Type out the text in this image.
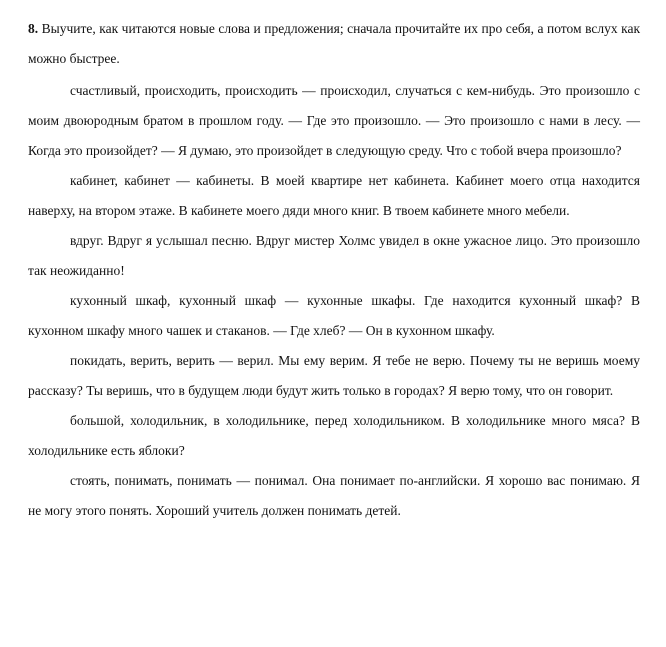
8. Выучите, как читаются новые слова и предложения; сначала прочитайте их про себя, а потом вслух как можно быстрее.

счастливый, происходить, происходить — происходил, случаться с кем-нибудь. Это произошло с моим двоюродным братом в прошлом году. — Где это произошло. — Это произошло с нами в лесу. — Когда это произойдет? — Я думаю, это произойдет в следующую среду. Что с тобой вчера произошло?

кабинет, кабинет — кабинеты. В моей квартире нет кабинета. Кабинет моего отца находится наверху, на втором этаже. В кабинете моего дяди много книг. В твоем кабинете много мебели.

вдруг. Вдруг я услышал песню. Вдруг мистер Холмс увидел в окне ужасное лицо. Это произошло так неожиданно!

кухонный шкаф, кухонный шкаф — кухонные шкафы. Где находится кухонный шкаф? В кухонном шкафу много чашек и стаканов. — Где хлеб? — Он в кухонном шкафу.

покидать, верить, верить — верил. Мы ему верим. Я тебе не верю. Почему ты не веришь моему рассказу? Ты веришь, что в будущем люди будут жить только в городах? Я верю тому, что он говорит.

большой, холодильник, в холодильнике, перед холодильником. В холодильнике много мяса? В холодильнике есть яблоки?

стоять, понимать, понимать — понимал. Она понимает по-английски. Я хорошо вас понимаю. Я не могу этого понять. Хороший учитель должен понимать детей.
